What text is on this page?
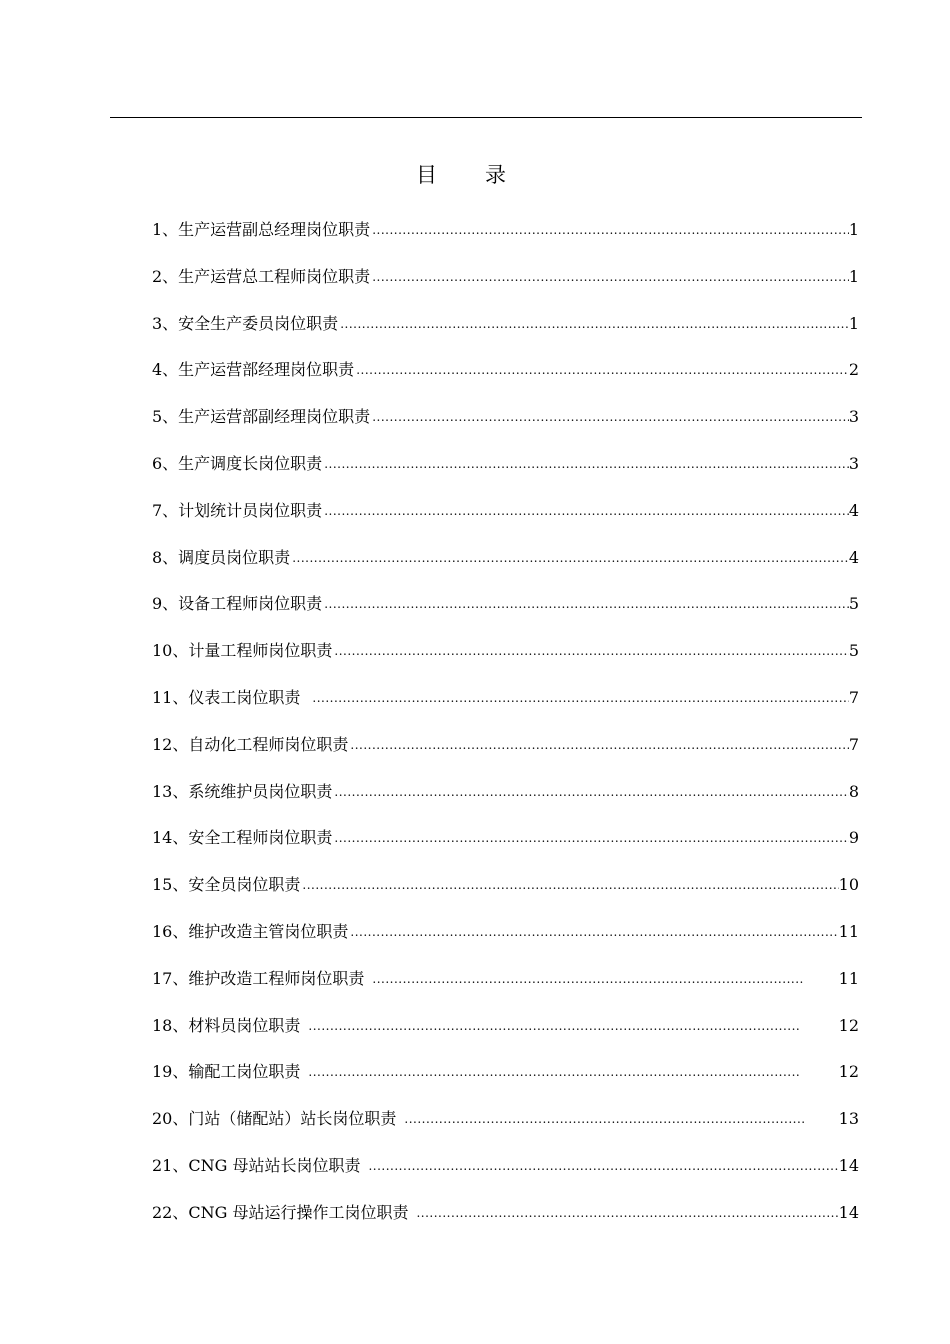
目录
1、生产运营副总经理岗位职责 .....	1
2、生产运营总工程师岗位职责 .....	1
3、安全生产委员岗位职责 .....	1
4、生产运营部经理岗位职责 .....	2
5、生产运营部副经理岗位职责 .....	3
6、生产调度长岗位职责 .....	3
7、计划统计员岗位职责 .....	4
8、调度员岗位职责 .....	4
9、设备工程师岗位职责 .....	5
10、计量工程师岗位职责 .....	5
11、仪表工岗位职责 .....	7
12、自动化工程师岗位职责 .....	7
13、系统维护员岗位职责 .....	8
14、安全工程师岗位职责 .....	9
15、安全员岗位职责 .....	10
16、维护改造主管岗位职责 .....	11
17、维护改造工程师岗位职责 .....	11
18、材料员岗位职责 .....	12
19、输配工岗位职责 .....	12
20、门站（储配站）站长岗位职责 .....	13
21、CNG 母站站长岗位职责 .....	14
22、CNG 母站运行操作工岗位职责 .....	14
